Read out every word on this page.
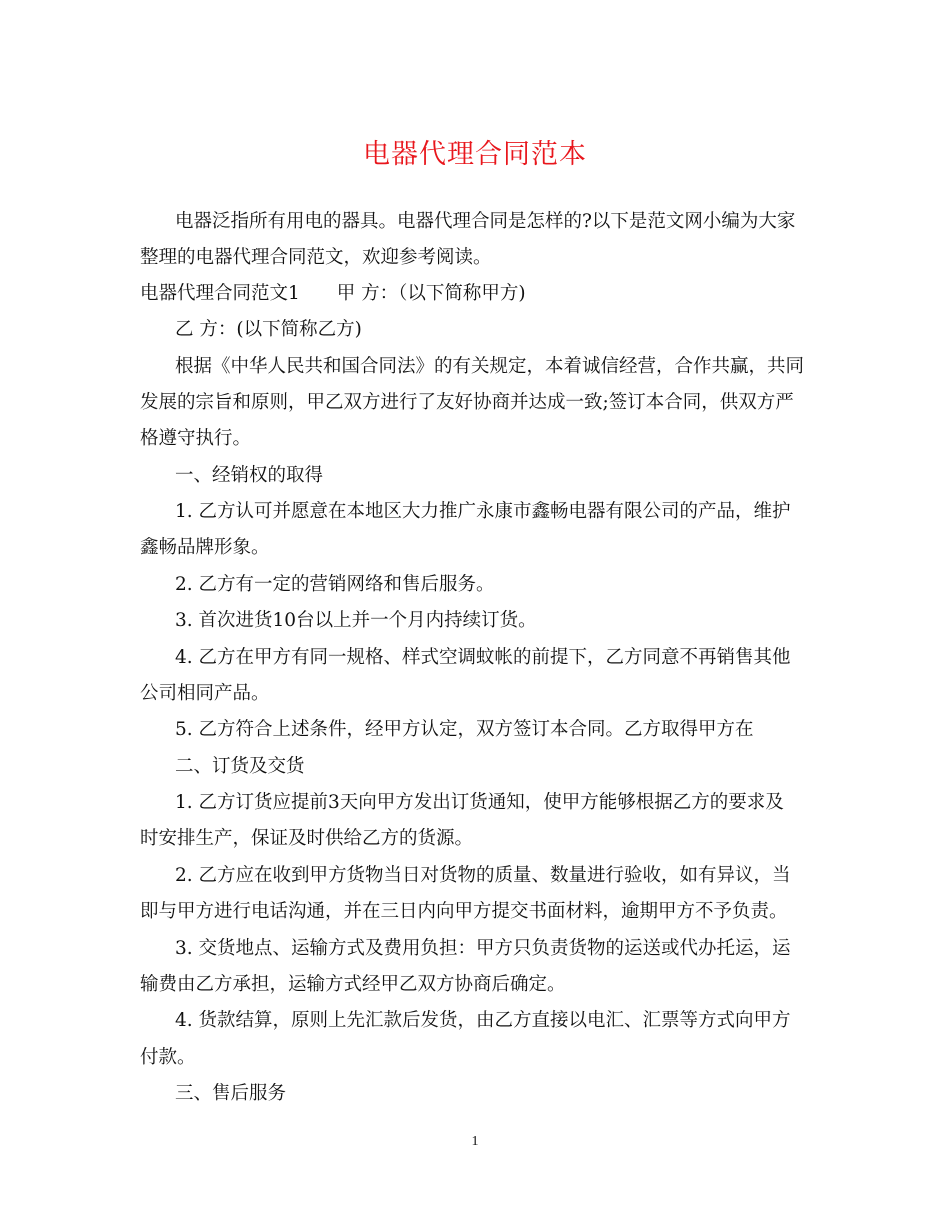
电器代理合同范本
电器泛指所有用电的器具。电器代理合同是怎样的?以下是范文网小编为大家
整理的电器代理合同范文，欢迎参考阅读。
电器代理合同范文1　　甲 方：（以下简称甲方)
乙 方：(以下简称乙方)
根据《中华人民共和国合同法》的有关规定，本着诚信经营，合作共赢，共同
发展的宗旨和原则，甲乙双方进行了友好协商并达成一致;签订本合同，供双方严
格遵守执行。
一、经销权的取得
1. 乙方认可并愿意在本地区大力推广永康市鑫畅电器有限公司的产品，维护
鑫畅品牌形象。
2. 乙方有一定的营销网络和售后服务。
3. 首次进货10台以上并一个月内持续订货。
4. 乙方在甲方有同一规格、样式空调蚊帐的前提下，乙方同意不再销售其他
公司相同产品。
5. 乙方符合上述条件，经甲方认定，双方签订本合同。乙方取得甲方在
二、订货及交货
1. 乙方订货应提前3天向甲方发出订货通知，使甲方能够根据乙方的要求及
时安排生产，保证及时供给乙方的货源。
2. 乙方应在收到甲方货物当日对货物的质量、数量进行验收，如有异议，当
即与甲方进行电话沟通，并在三日内向甲方提交书面材料，逾期甲方不予负责。
3. 交货地点、运输方式及费用负担：甲方只负责货物的运送或代办托运，运
输费由乙方承担，运输方式经甲乙双方协商后确定。
4. 货款结算，原则上先汇款后发货，由乙方直接以电汇、汇票等方式向甲方
付款。
三、售后服务
1
